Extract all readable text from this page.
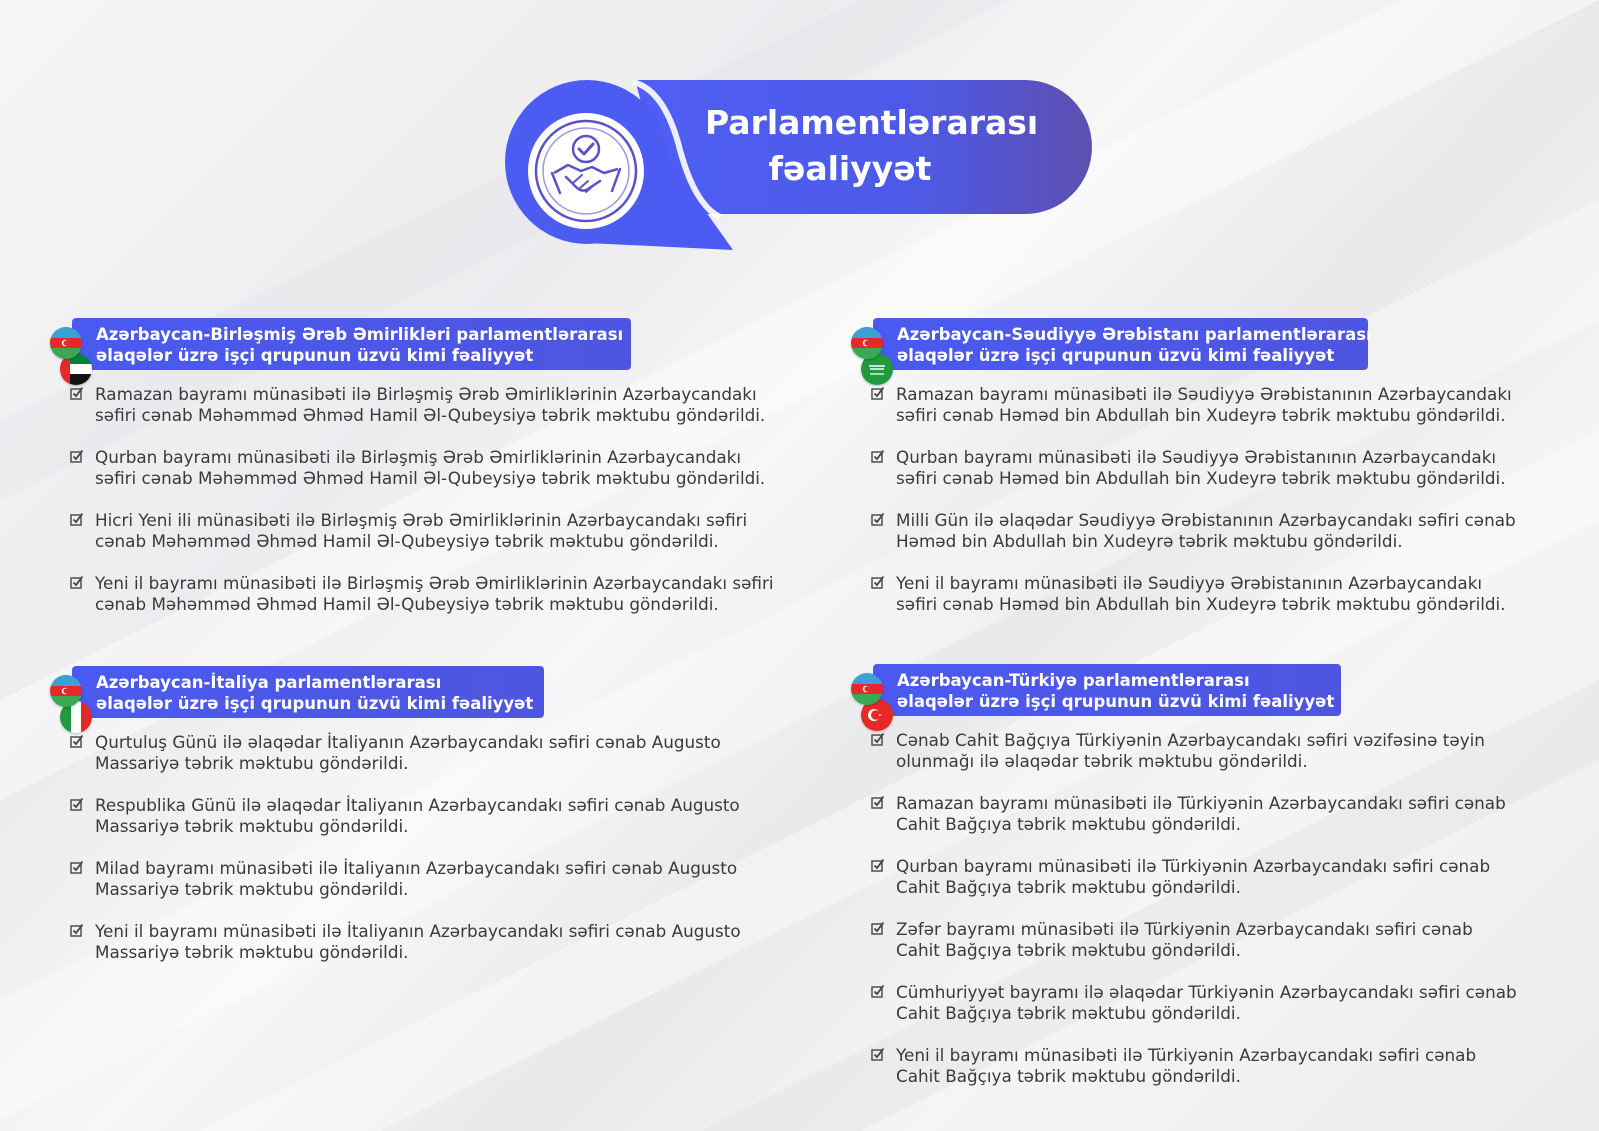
Parlamentlərarası
fəaliyyət
Azərbaycan-Birləşmiş Ərəb Əmirlikləri parlamentlərarası
əlaqələr üzrə işçi qrupunun üzvü kimi fəaliyyət
Ramazan bayramı münasibəti ilə Birləşmiş Ərəb Əmirliklərinin Azərbaycandakı
səfiri cənab Məhəmməd Əhməd Hamil Əl-Qubeysiyə təbrik məktubu göndərildi.
Qurban bayramı münasibəti ilə Birləşmiş Ərəb Əmirliklərinin Azərbaycandakı
səfiri cənab Məhəmməd Əhməd Hamil Əl-Qubeysiyə təbrik məktubu göndərildi.
Hicri Yeni ili münasibəti ilə Birləşmiş Ərəb Əmirliklərinin Azərbaycandakı səfiri
cənab Məhəmməd Əhməd Hamil Əl-Qubeysiyə təbrik məktubu göndərildi.
Yeni il bayramı münasibəti ilə Birləşmiş Ərəb Əmirliklərinin Azərbaycandakı səfiri
cənab Məhəmməd Əhməd Hamil Əl-Qubeysiyə təbrik məktubu göndərildi.
Azərbaycan-Səudiyyə Ərəbistanı parlamentlərarası
əlaqələr üzrə işçi qrupunun üzvü kimi fəaliyyət
Ramazan bayramı münasibəti ilə Səudiyyə Ərəbistanının Azərbaycandakı
səfiri cənab Həməd bin Abdullah bin Xudeyrə təbrik məktubu göndərildi.
Qurban bayramı münasibəti ilə Səudiyyə Ərəbistanının Azərbaycandakı
səfiri cənab Həməd bin Abdullah bin Xudeyrə təbrik məktubu göndərildi.
Milli Gün ilə əlaqədar Səudiyyə Ərəbistanının Azərbaycandakı səfiri cənab
Həməd bin Abdullah bin Xudeyrə təbrik məktubu göndərildi.
Yeni il bayramı münasibəti ilə Səudiyyə Ərəbistanının Azərbaycandakı
səfiri cənab Həməd bin Abdullah bin Xudeyrə təbrik məktubu göndərildi.
Azərbaycan-İtaliya parlamentlərarası
əlaqələr üzrə işçi qrupunun üzvü kimi fəaliyyət
Qurtuluş Günü ilə əlaqədar İtaliyanın Azərbaycandakı səfiri cənab Augusto
Massariyə təbrik məktubu göndərildi.
Respublika Günü ilə əlaqədar İtaliyanın Azərbaycandakı səfiri cənab Augusto
Massariyə təbrik məktubu göndərildi.
Milad bayramı münasibəti ilə İtaliyanın Azərbaycandakı səfiri cənab Augusto
Massariyə təbrik məktubu göndərildi.
Yeni il bayramı münasibəti ilə İtaliyanın Azərbaycandakı səfiri cənab Augusto
Massariyə təbrik məktubu göndərildi.
Azərbaycan-Türkiyə parlamentlərarası
əlaqələr üzrə işçi qrupunun üzvü kimi fəaliyyət
Cənab Cahit Bağçıya Türkiyənin Azərbaycandakı səfiri vəzifəsinə təyin
olunmağı ilə əlaqədar təbrik məktubu göndərildi.
Ramazan bayramı münasibəti ilə Türkiyənin Azərbaycandakı səfiri cənab
Cahit Bağçıya təbrik məktubu göndərildi.
Qurban bayramı münasibəti ilə Türkiyənin Azərbaycandakı səfiri cənab
Cahit Bağçıya təbrik məktubu göndərildi.
Zəfər bayramı münasibəti ilə Türkiyənin Azərbaycandakı səfiri cənab
Cahit Bağçıya təbrik məktubu göndərildi.
Cümhuriyyət bayramı ilə əlaqədar Türkiyənin Azərbaycandakı səfiri cənab
Cahit Bağçıya təbrik məktubu göndərildi.
Yeni il bayramı münasibəti ilə Türkiyənin Azərbaycandakı səfiri cənab
Cahit Bağçıya təbrik məktubu göndərildi.
